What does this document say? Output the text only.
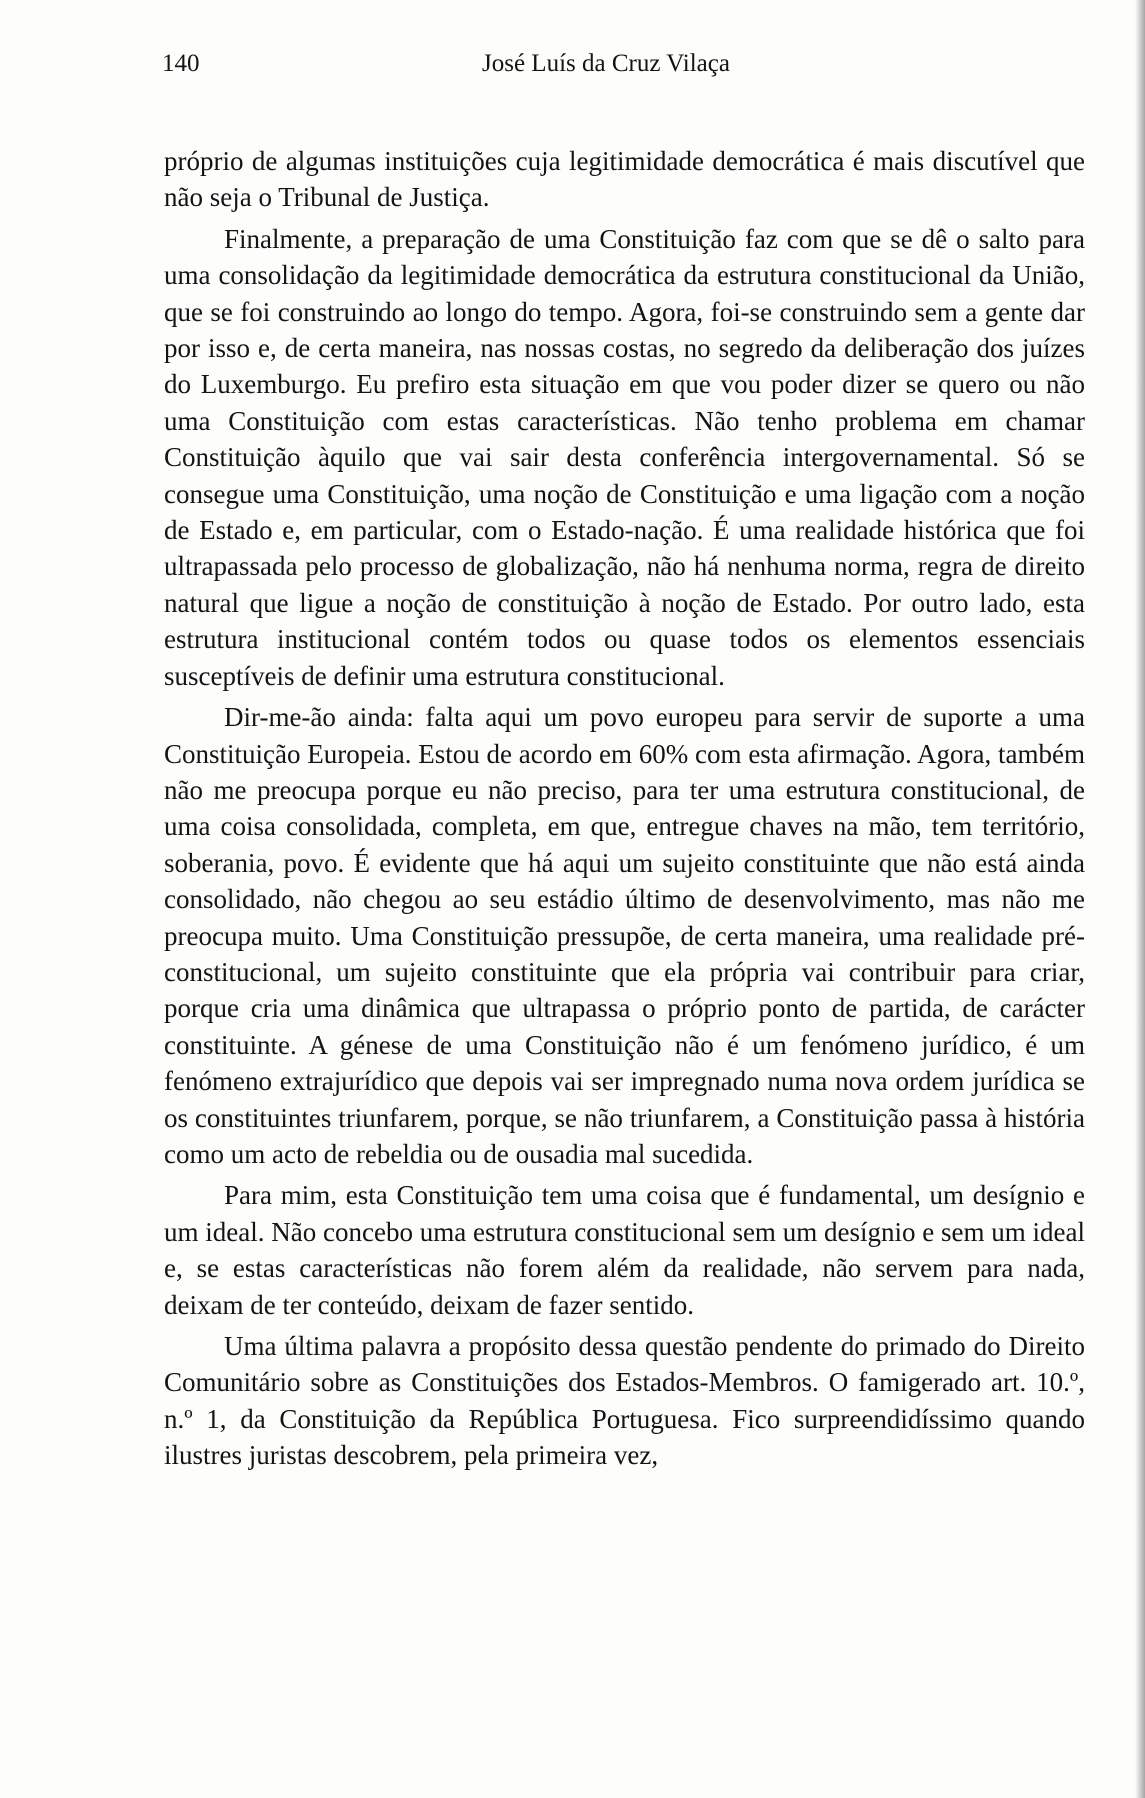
140	José Luís da Cruz Vilaça

próprio de algumas instituições cuja legitimidade democrática é mais discutível que não seja o Tribunal de Justiça.

Finalmente, a preparação de uma Constituição faz com que se dê o salto para uma consolidação da legitimidade democrática da estrutura constitucional da União, que se foi construindo ao longo do tempo. Agora, foi-se construindo sem a gente dar por isso e, de certa maneira, nas nossas costas, no segredo da deliberação dos juízes do Luxemburgo. Eu prefiro esta situação em que vou poder dizer se quero ou não uma Constituição com estas características. Não tenho problema em chamar Constituição àquilo que vai sair desta conferência intergovernamental. Só se consegue uma Constituição, uma noção de Constituição e uma ligação com a noção de Estado e, em particular, com o Estado-nação. É uma realidade histórica que foi ultrapassada pelo processo de globalização, não há nenhuma norma, regra de direito natural que ligue a noção de constituição à noção de Estado. Por outro lado, esta estrutura institucional contém todos ou quase todos os elementos essenciais susceptíveis de definir uma estrutura constitucional.

Dir-me-ão ainda: falta aqui um povo europeu para servir de suporte a uma Constituição Europeia. Estou de acordo em 60% com esta afirmação. Agora, também não me preocupa porque eu não preciso, para ter uma estrutura constitucional, de uma coisa consolidada, completa, em que, entregue chaves na mão, tem território, soberania, povo. É evidente que há aqui um sujeito constituinte que não está ainda consolidado, não chegou ao seu estádio último de desenvolvimento, mas não me preocupa muito. Uma Constituição pressupõe, de certa maneira, uma realidade pré-constitucional, um sujeito constituinte que ela própria vai contribuir para criar, porque cria uma dinâmica que ultrapassa o próprio ponto de partida, de carácter constituinte. A génese de uma Constituição não é um fenómeno jurídico, é um fenómeno extrajurídico que depois vai ser impregnado numa nova ordem jurídica se os constituintes triunfarem, porque, se não triunfarem, a Constituição passa à história como um acto de rebeldia ou de ousadia mal sucedida.

Para mim, esta Constituição tem uma coisa que é fundamental, um desígnio e um ideal. Não concebo uma estrutura constitucional sem um desígnio e sem um ideal e, se estas características não forem além da realidade, não servem para nada, deixam de ter conteúdo, deixam de fazer sentido.

Uma última palavra a propósito dessa questão pendente do primado do Direito Comunitário sobre as Constituições dos Estados-Membros. O famigerado art. 10.º, n.º 1, da Constituição da República Portuguesa. Fico surpreendidíssimo quando ilustres juristas descobrem, pela primeira vez,
